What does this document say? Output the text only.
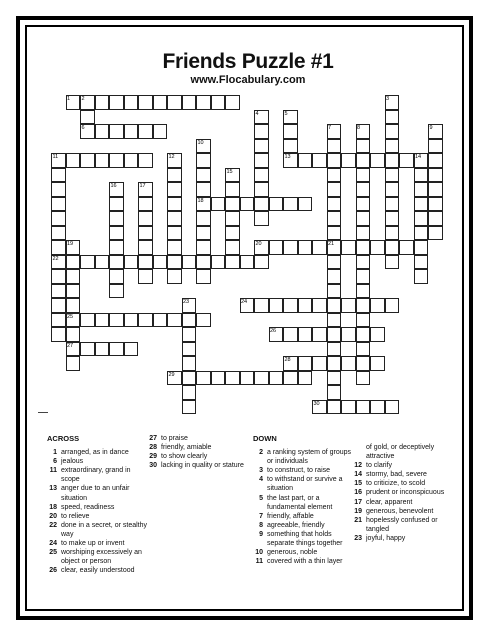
Friends Puzzle #1
www.Flocabulary.com
1 2	3
4	5
6	7	8	9
10
11	12	13	14
15
16	17
18
19	20	21
22
23	24
25
26
27
28
29
30
ACROSS
1 arranged, as in dance
6 jealous
11 extraordinary, grand in scope
13 anger due to an unfair situation
18 speed, readiness
20 to relieve
22 done in a secret, or stealthy way
24 to make up or invent
25 worshiping excessively an object or person
26 clear, easily understood
27 to praise
28 friendly, amiable
29 to show clearly
30 lacking in quality or stature
DOWN
2 a ranking system of groups or individuals
3 to construct, to raise
4 to withstand or survive a situation
5 the last part, or a fundamental element
7 friendly, affable
8 agreeable, friendly
9 something that holds separate things together
10 generous, noble
11 covered with a thin layer
of gold, or deceptively attractive
12 to clarify
14 stormy, bad, severe
15 to criticize, to scold
16 prudent or inconspicuous
17 clear, apparent
19 generous, benevolent
21 hopelessly confused or tangled
23 joyful, happy
